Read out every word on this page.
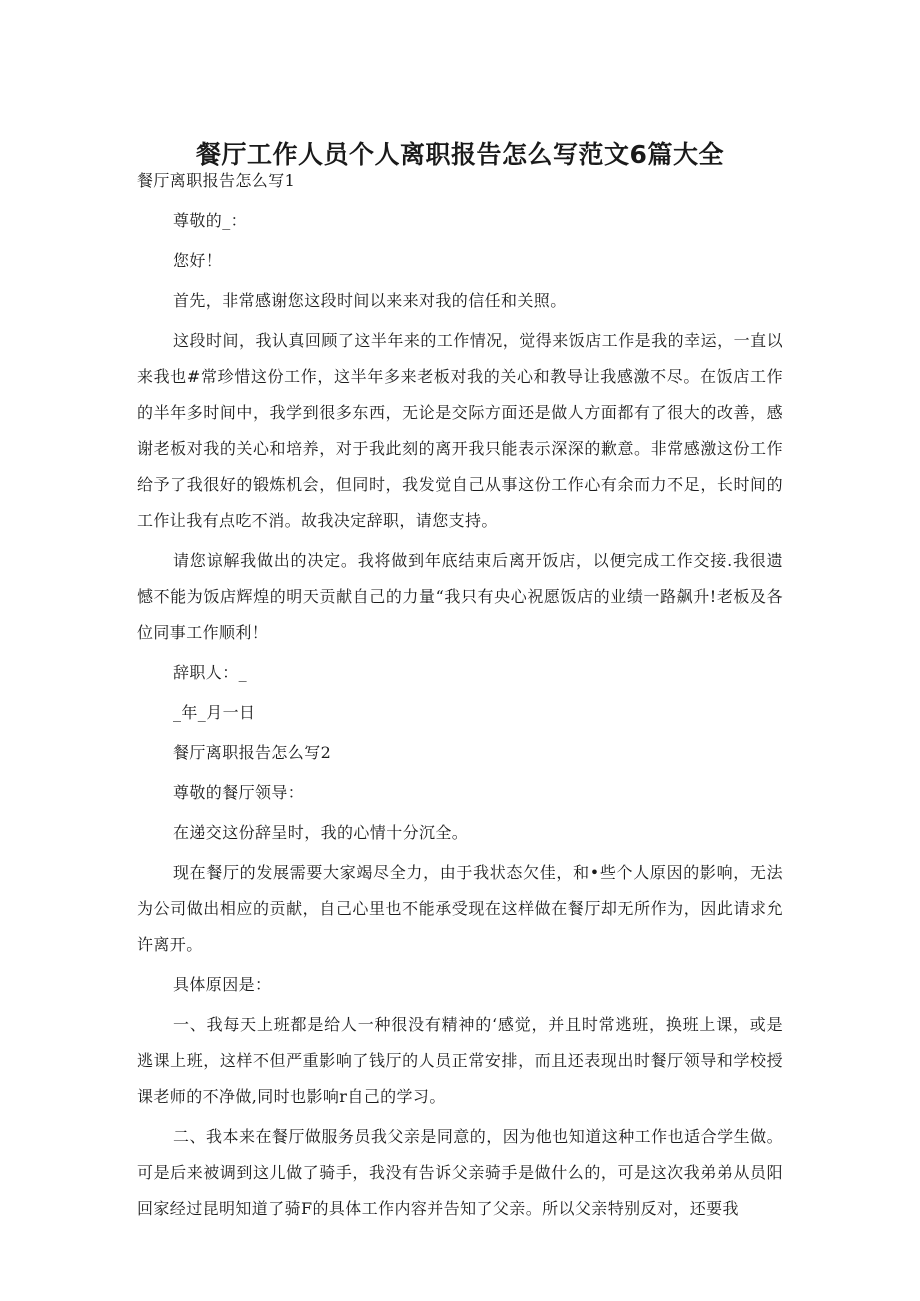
餐厅工作人员个人离职报告怎么写范文6篇大全

餐厅离职报告怎么写1

尊敬的_：

您好！

首先，非常感谢您这段时间以来来对我的信任和关照。

这段时间，我认真回顾了这半年来的工作情况，觉得来饭店工作是我的幸运，一直以来我也#常珍惜这份工作，这半年多来老板对我的关心和教导让我感激不尽。在饭店工作的半年多时间中，我学到很多东西，无论是交际方面还是做人方面都有了很大的改善，感谢老板对我的关心和培养，对于我此刻的离开我只能表示深深的歉意。非常感激这份工作给予了我很好的锻炼机会，但同时，我发觉自己从事这份工作心有余而力不足，长时间的工作让我有点吃不消。故我决定辞职，请您支持。

请您谅解我做出的决定。我将做到年底结束后离开饭店，以便完成工作交接.我很遗憾不能为饭店辉煌的明天贡献自己的力量“我只有央心祝愿饭店的业绩一路飙升!老板及各位同事工作顺利！

辞职人：_

_年_月一日

餐厅离职报告怎么写2

尊敬的餐厅领导：

在递交这份辞呈时，我的心情十分沉全。

现在餐厅的发展需要大家竭尽全力，由于我状态欠佳，和•些个人原因的影响，无法为公司做出相应的贡献，自己心里也不能承受现在这样做在餐厅却无所作为，因此请求允许离开。

具体原因是：

一、我每天上班都是给人一种很没有精神的‘感觉，并且时常逃班，换班上课，或是逃课上班，这样不但严重影响了钱厅的人员正常安排，而且还表现出时餐厅领导和学校授课老师的不净做,同时也影响r自己的学习。

二、我本来在餐厅做服务员我父亲是同意的，因为他也知道这种工作也适合学生做。可是后来被调到这儿做了骑手，我没有告诉父亲骑手是做什么的，可是这次我弟弟从员阳回家经过昆明知道了骑F的具体工作内容并告知了父亲。所以父亲特别反对，还要我
